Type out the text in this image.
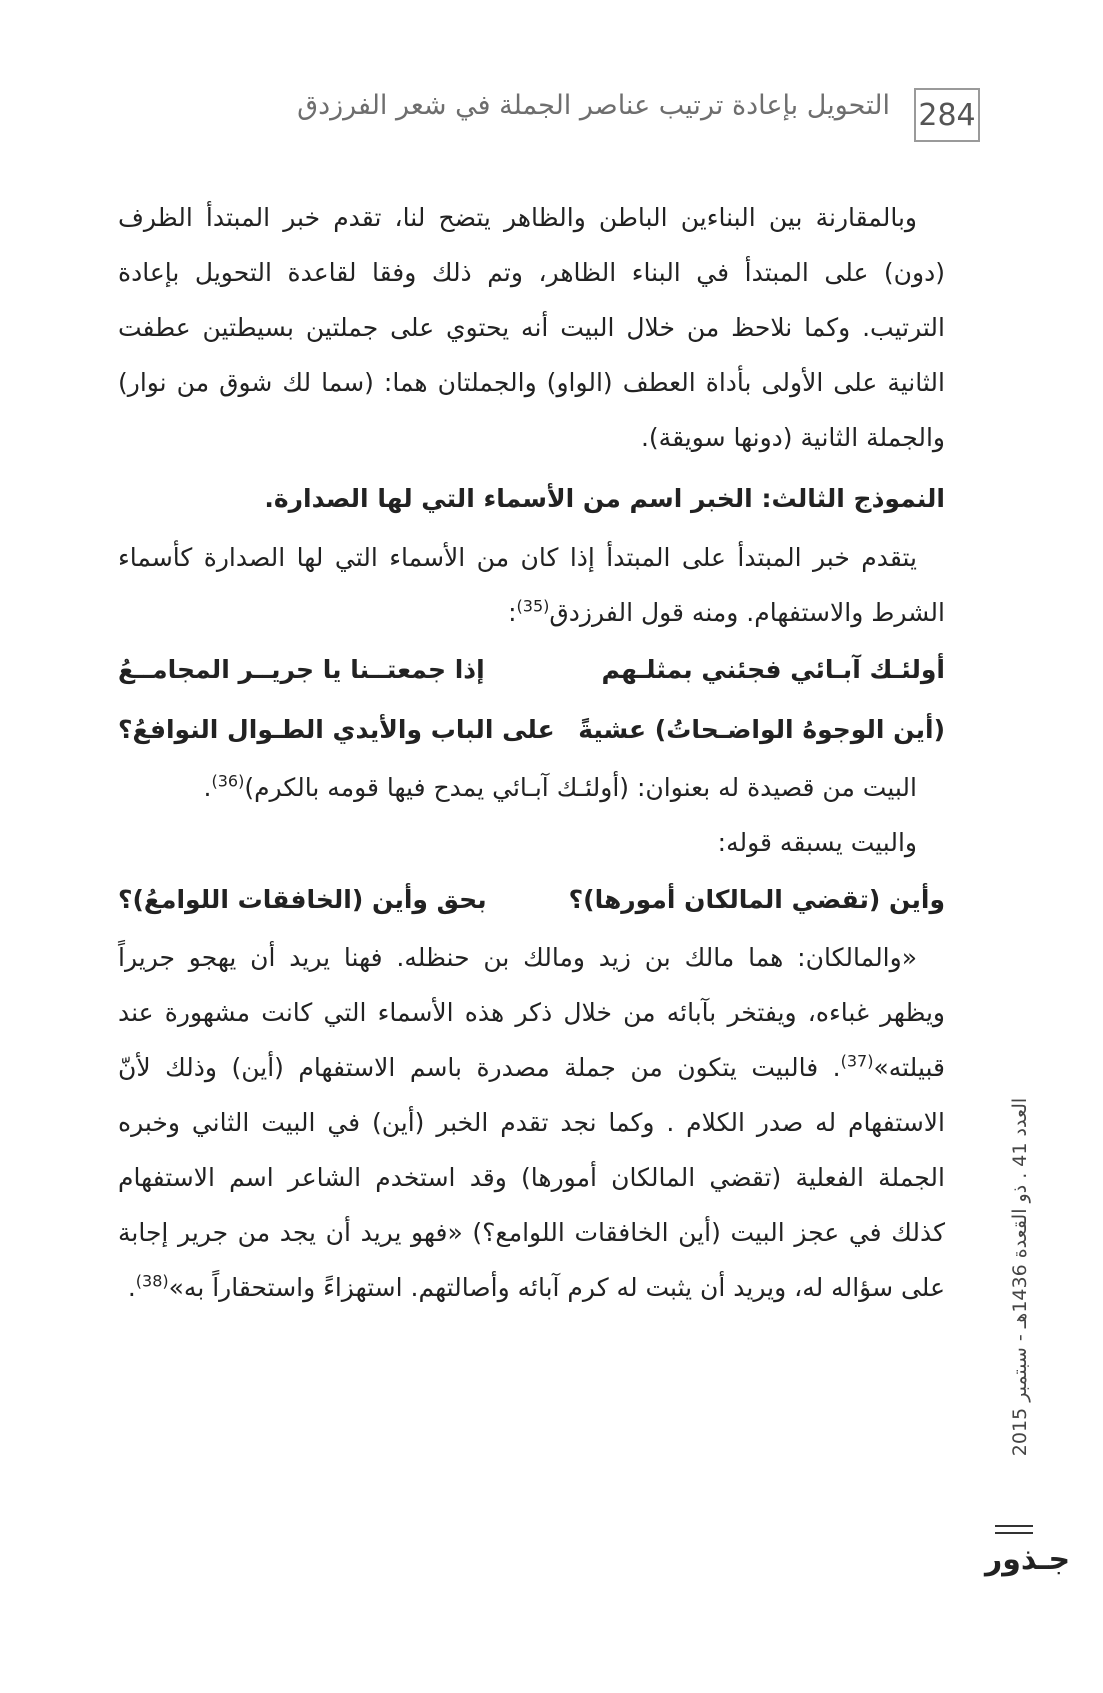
التحويل بإعادة ترتيب عناصر الجملة في شعر الفرزدق 284
العدد 41 . ذو القعدة 1436هـ - سبتمبر 2015
جـذور

وبالمقارنة بين البناءين الباطن والظاهر يتضح لنا، تقدم خبر المبتدأ الظرف (دون) على المبتدأ في البناء الظاهر، وتم ذلك وفقا لقاعدة التحويل بإعادة الترتيب. وكما نلاحظ من خلال البيت أنه يحتوي على جملتين بسيطتين عطفت الثانية على الأولى بأداة العطف (الواو) والجملتان هما: (سما لك شوق من نوار) والجملة الثانية (دونها سويقة).

النموذج الثالث: الخبر اسم من الأسماء التي لها الصدارة.

يتقدم خبر المبتدأ على المبتدأ إذا كان من الأسماء التي لها الصدارة كأسماء الشرط والاستفهام. ومنه قول الفرزدق$^{(35)}$:

أولئـك آبـائي فجئني بمثلـهم
إذا جمعتــنا يا جريــر المجامــعُ
(أين الوجوهُ الواضـحاتُ) عشيةً
على الباب والأيدي الطـوال النوافعُ؟

البيت من قصيدة له بعنوان: (أولئـك آبـائي يمدح فيها قومه بالكرم)$^{(36)}$.

والبيت يسبقه قوله:

وأين (تقضي المالكان أمورها)؟
بحق وأين (الخافقات اللوامعُ)؟

«والمالكان: هما مالك بن زيد ومالك بن حنظله. فهنا يريد أن يهجو جريراً ويظهر غباءه، ويفتخر بآبائه من خلال ذكر هذه الأسماء التي كانت مشهورة عند قبيلته»$^{(37)}$. فالبيت يتكون من جملة مصدرة باسم الاستفهام (أين) وذلك لأنّ الاستفهام له صدر الكلام . وكما نجد تقدم الخبر (أين) في البيت الثاني وخبره الجملة الفعلية (تقضي المالكان أمورها) وقد استخدم الشاعر اسم الاستفهام كذلك في عجز البيت (أين الخافقات اللوامع؟) «فهو يريد أن يجد من جرير إجابة على سؤاله له، ويريد أن يثبت له كرم آبائه وأصالتهم. استهزاءً واستحقاراً به»$^{(38)}$.
